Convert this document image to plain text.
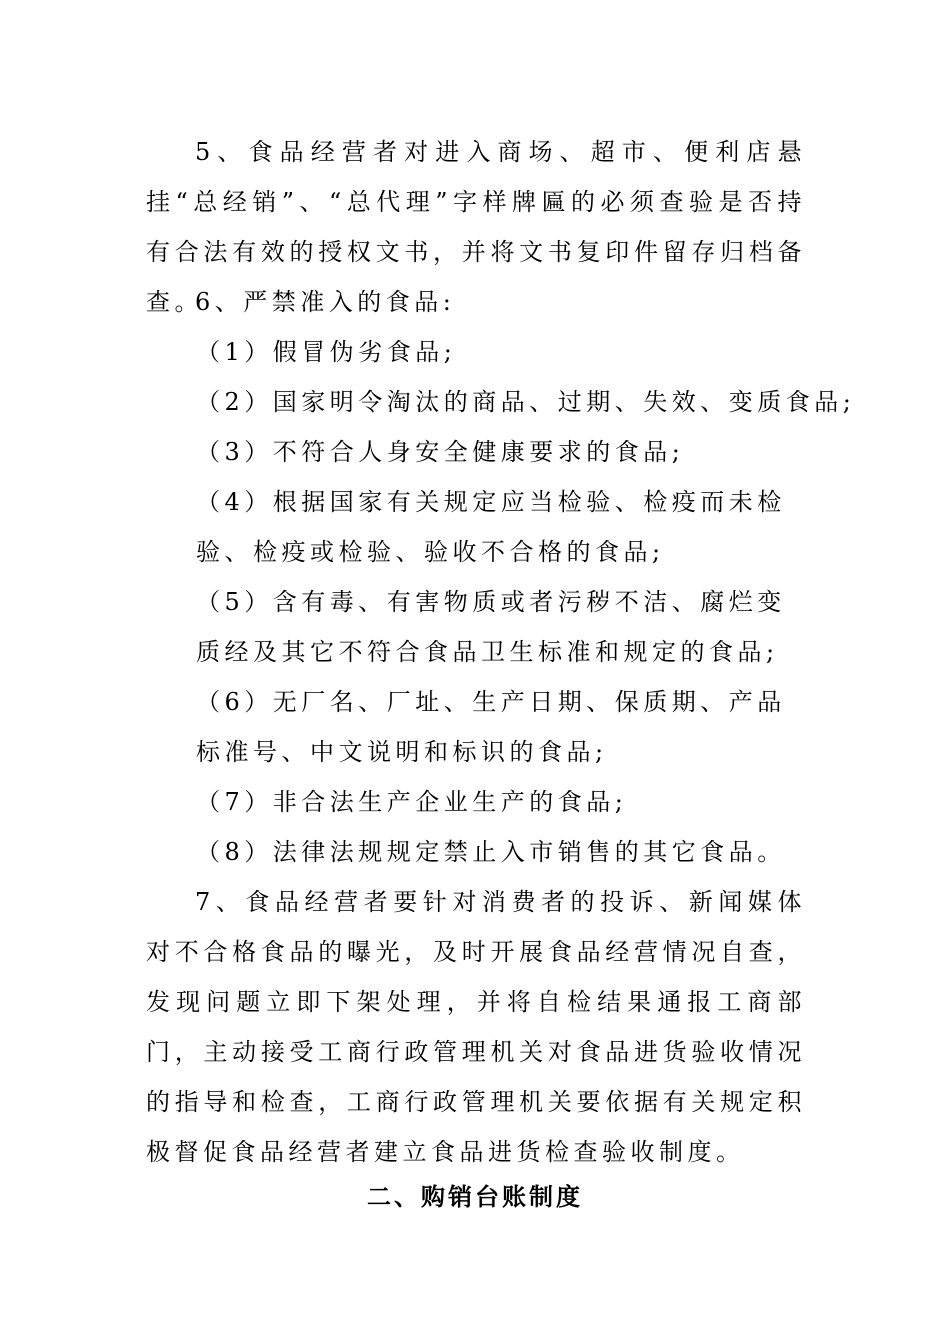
5、食品经营者对进入商场、超市、便利店悬挂“总经销”、“总代理”字样牌匾的必须查验是否持有合法有效的授权文书，并将文书复印件留存归档备查。

6、严禁准入的食品:

（1）假冒伪劣食品;

（2）国家明令淘汰的商品、过期、失效、变质食品;

（3）不符合人身安全健康要求的食品;

（4）根据国家有关规定应当检验、检疫而未检验、检疫或检验、验收不合格的食品;

（5）含有毒、有害物质或者污秽不洁、腐烂变质经及其它不符合食品卫生标准和规定的食品;

（6）无厂名、厂址、生产日期、保质期、产品标准号、中文说明和标识的食品;

（7）非合法生产企业生产的食品;

（8）法律法规规定禁止入市销售的其它食品。

7、食品经营者要针对消费者的投诉、新闻媒体对不合格食品的曝光，及时开展食品经营情况自查，发现问题立即下架处理，并将自检结果通报工商部门，主动接受工商行政管理机关对食品进货验收情况的指导和检查，工商行政管理机关要依据有关规定积极督促食品经营者建立食品进货检查验收制度。

二、购销台账制度
